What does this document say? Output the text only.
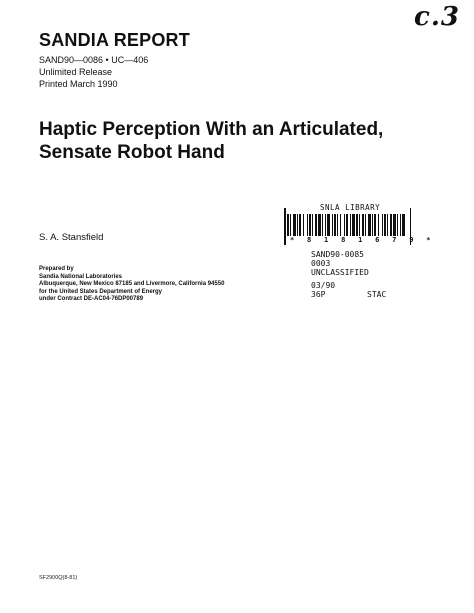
c.3
SANDIA REPORT
SAND90—0086 • UC—406
Unlimited Release
Printed March 1990
Haptic Perception With an Articulated,
Sensate Robot Hand
S. A. Stansfield
Prepared by
Sandia National Laboratories
Albuquerque, New Mexico 87185 and Livermore, California 94550
for the United States Department of Energy
under Contract DE-AC04-76DP00789
SNLA LIBRARY
* 8 1 8 1 6 7 9 *
SAND90-0085
0003
UNCLASSIFIED
03/90
36P	STAC
SF2900Q(8-81)
